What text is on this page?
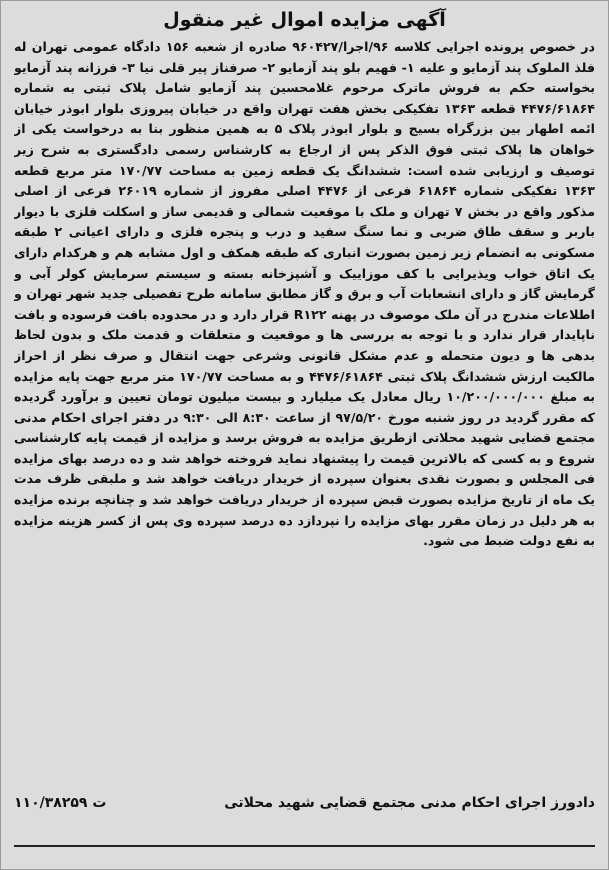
آگهی مزایده اموال غیر منقول

در خصوص پرونده اجرایی کلاسه ۹۶/اجرا/۹۶۰۴۲۷ صادره از شعبه ۱۵۶ دادگاه عمومی تهران له فلذ الملوک پند آزمایو و علیه ۱- فهیم بلو پند آزمایو ۲- صرفناز پیر قلی نیا ۳- فرزانه پند آزمایو بخواسته حکم به فروش ماترک مرحوم غلامحسین پند آزمایو شامل پلاک ثبتی به شماره ۴۴۷۶/۶۱۸۶۴ قطعه ۱۳۶۳ تفکیکی بخش هفت تهران واقع در خیابان پیروزی بلوار ابوذر خیابان ائمه اطهار بین بزرگراه بسیج و بلوار ابوذر پلاک ۵ به همین منظور بنا به درخواست یکی از خواهان ها پلاک ثبتی فوق الذکر پس از ارجاع به کارشناس رسمی دادگستری به شرح زیر توصیف و ارزیابی شده است: ششدانگ یک قطعه زمین به مساحت ۱۷۰/۷۷ متر مربع قطعه ۱۳۶۳ تفکیکی شماره ۶۱۸۶۴ فرعی از ۴۴۷۶ اصلی مفروز از شماره ۲۶۰۱۹ فرعی از اصلی مذکور واقع در بخش ۷ تهران و ملک با موقعیت شمالی و قدیمی ساز و اسکلت فلزی با دیوار باربر و سقف طاق ضربی و نما سنگ سفید و درب و پنجره فلزی و دارای اعیانی ۲ طبقه مسکونی به انضمام زیر زمین بصورت انباری که طبقه همکف و اول مشابه هم و هرکدام دارای یک اتاق خواب ویذیرایی با کف موزاییک و آشپزخانه بسته و سیستم سرمایش کولر آبی و گرمایش گاز و دارای انشعابات آب و برق و گاز مطابق سامانه طرح تفصیلی جدید شهر تهران و اطلاعات مندرج در آن ملک موصوف در پهنه R۱۲۲ قرار دارد و در محدوده بافت فرسوده و بافت ناپایدار قرار ندارد و با توجه به بررسی ها و موقعیت و متعلقات و قدمت ملک و بدون لحاظ بدهی ها و دیون متحمله و عدم مشکل قانونی وشرعی جهت انتقال و صرف نظر از احراز مالکیت ارزش ششدانگ پلاک ثبتی ۴۴۷۶/۶۱۸۶۴ و به مساحت ۱۷۰/۷۷ متر مربع جهت پایه مزایده به مبلغ ۱۰/۲۰۰/۰۰۰/۰۰۰ ریال معادل یک میلیارد و بیست میلیون تومان تعیین و برآورد گردیده که مقرر گردید در روز شنبه مورخ ۹۷/۵/۲۰ از ساعت ۸:۳۰ الی ۹:۳۰ در دفتر اجرای احکام مدنی مجتمع قضایی شهید محلاتی ازطریق مزایده به فروش برسد و مزایده از قیمت پایه کارشناسی شروع و به کسی که بالاترین قیمت را پیشنهاد نماید فروخته خواهد شد و ده درصد بهای مزایده فی المجلس و بصورت نقدی بعنوان سپرده از خریدار دریافت خواهد شد و ملبقی ظرف مدت یک ماه از تاریخ مزایده بصورت قبض سپرده از خریدار دریافت خواهد شد و چنانچه برنده مزایده به هر دلیل در زمان مقرر بهای مزایده را نپردازد ده درصد سپرده وی پس از کسر هزینه مزایده به نفع دولت ضبط می شود.

دادورز اجرای احکام مدنی مجتمع قضایی شهید محلاتی
۱۱۰/۳۸۲۵۹ ت
